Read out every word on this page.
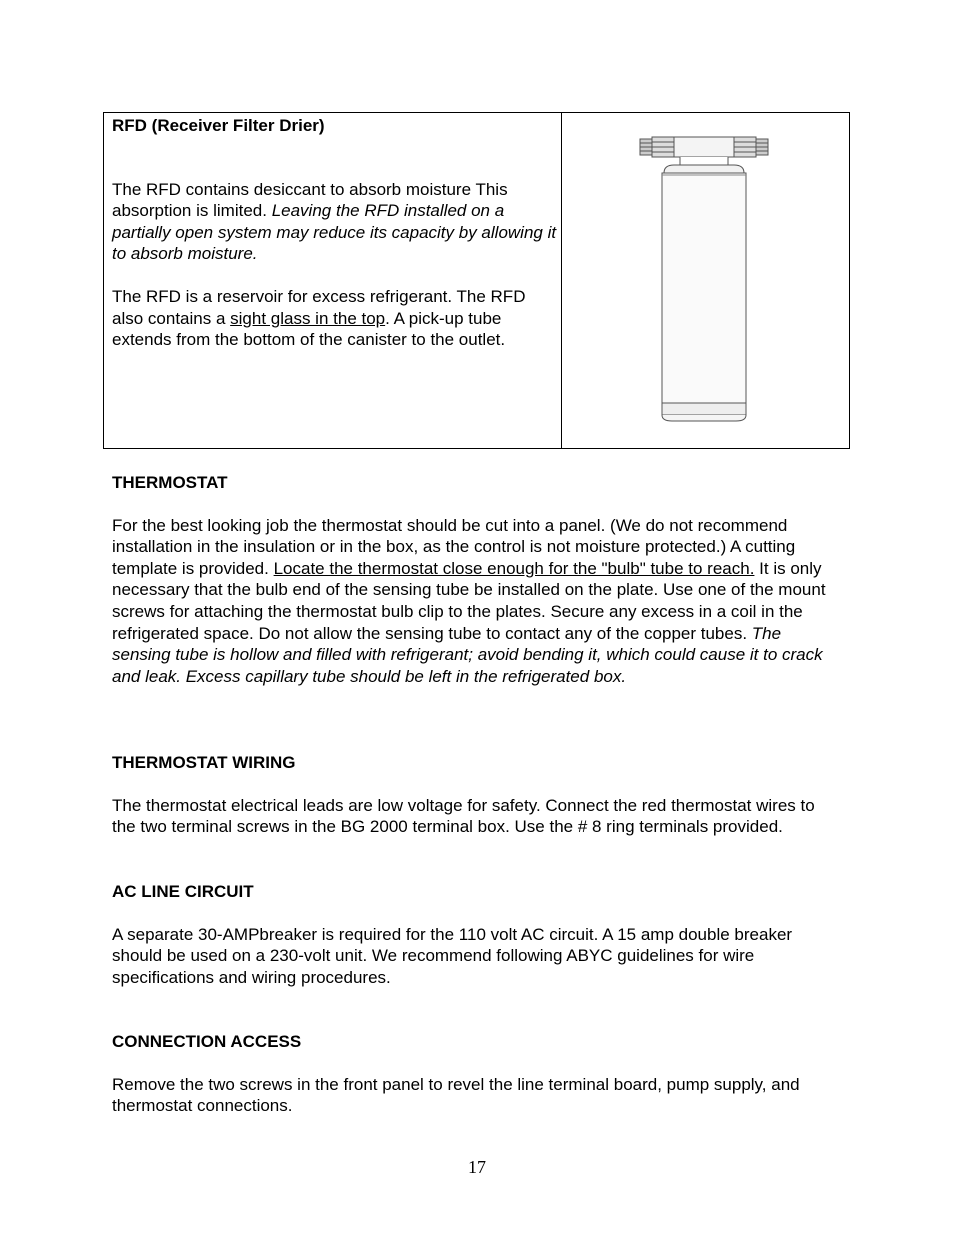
RFD (Receiver Filter Drier)

The RFD contains desiccant to absorb moisture This absorption is limited. Leaving the RFD installed on a partially open system may reduce its capacity by allowing it to absorb moisture.

The RFD is a reservoir for excess refrigerant. The RFD also contains a sight glass in the top. A pick-up tube extends from the bottom of the canister to the outlet.

THERMOSTAT

For the best looking job the thermostat should be cut into a panel. (We do not recommend installation in the insulation or in the box, as the control is not moisture protected.) A cutting template is provided. Locate the thermostat close enough for the "bulb" tube to reach. It is only necessary that the bulb end of the sensing tube be installed on the plate. Use one of the mount screws for attaching the thermostat bulb clip to the plates. Secure any excess in a coil in the refrigerated space. Do not allow the sensing tube to contact any of the copper tubes. The sensing tube is hollow and filled with refrigerant; avoid bending it, which could cause it to crack and leak. Excess capillary tube should be left in the refrigerated box.

THERMOSTAT WIRING

The thermostat electrical leads are low voltage for safety. Connect the red thermostat wires to the two terminal screws in the BG 2000 terminal box. Use the # 8 ring terminals provided.

AC LINE CIRCUIT

A separate 30-AMPbreaker is required for the 110 volt AC circuit. A 15 amp double breaker should be used on a 230-volt unit. We recommend following ABYC guidelines for wire specifications and wiring procedures.

CONNECTION ACCESS

Remove the two screws in the front panel to revel the line terminal board, pump supply, and thermostat connections.

17
